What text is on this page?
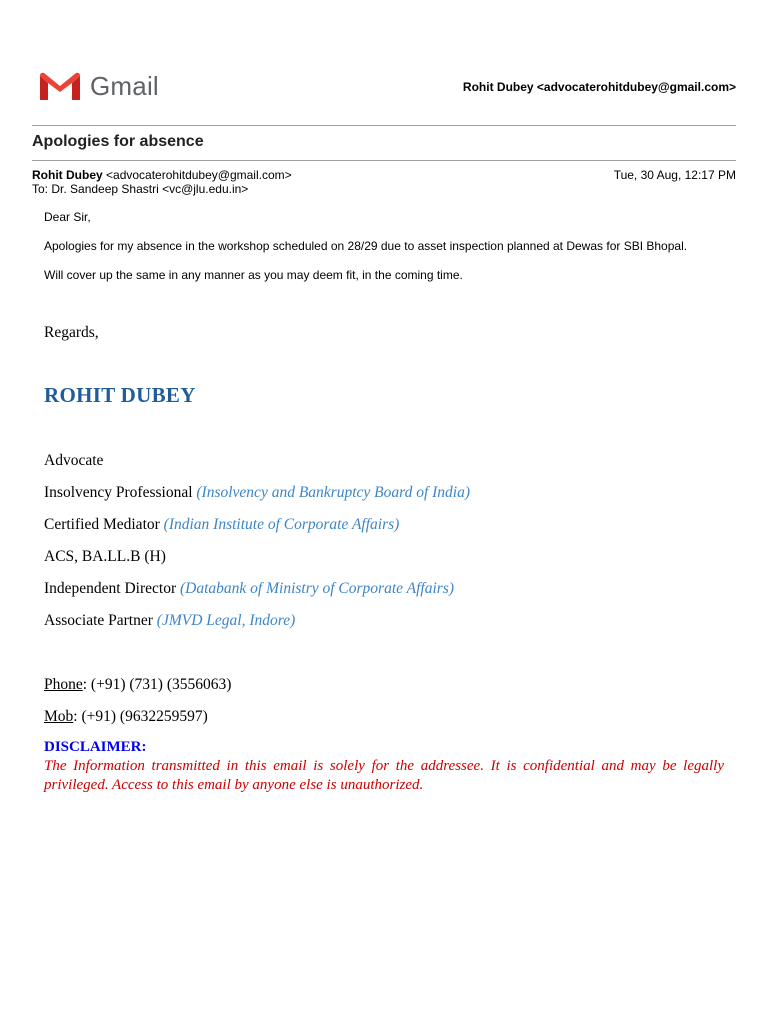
Gmail	Rohit Dubey <advocaterohitdubey@gmail.com>
Apologies for absence
Rohit Dubey <advocaterohitdubey@gmail.com>	Tue, 30 Aug, 12:17 PM
To: Dr. Sandeep Shastri <vc@jlu.edu.in>

Dear Sir,

Apologies for my absence in the workshop scheduled on 28/29 due to asset inspection planned at Dewas for SBI Bhopal.

Will cover up the same in any manner as you may deem fit, in the coming time.

Regards,
ROHIT DUBEY
Advocate
Insolvency Professional (Insolvency and Bankruptcy Board of India)
Certified Mediator (Indian Institute of Corporate Affairs)
ACS, BA.LL.B (H)
Independent Director (Databank of Ministry of Corporate Affairs)
Associate Partner (JMVD Legal, Indore)
Phone: (+91) (731) (3556063)
Mob: (+91) (9632259597)
DISCLAIMER:
The Information transmitted in this email is solely for the addressee. It is confidential and may be legally privileged. Access to this email by anyone else is unauthorized.
